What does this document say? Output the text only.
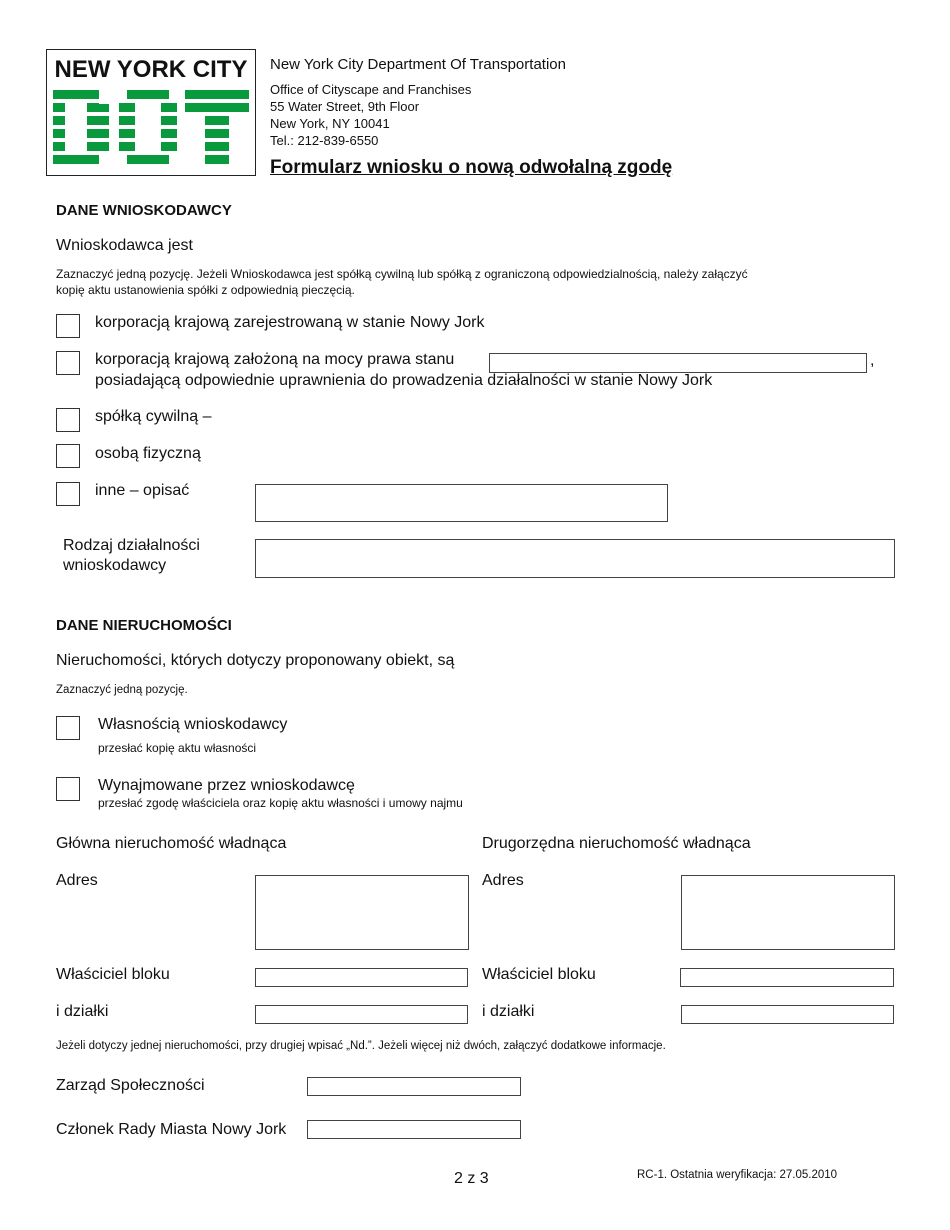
NEW YORK CITY
DOT
New York City Department Of Transportation
Office of Cityscape and Franchises
55 Water Street, 9th Floor
New York, NY 10041
Tel.: 212-839-6550
Formularz wniosku o nową odwołalną zgodę
DANE WNIOSKODAWCY
Wnioskodawca jest
Zaznaczyć jedną pozycję. Jeżeli Wnioskodawca jest spółką cywilną lub spółką z ograniczoną odpowiedzialnością, należy załączyć
kopię aktu ustanowienia spółki z odpowiednią pieczęcią.
korporacją krajową zarejestrowaną w stanie Nowy Jork
korporacją krajową założoną na mocy prawa stanu	,
posiadającą odpowiednie uprawnienia do prowadzenia działalności w stanie Nowy Jork
spółką cywilną –
osobą fizyczną
inne – opisać
Rodzaj działalności
wnioskodawcy
DANE NIERUCHOMOŚCI
Nieruchomości, których dotyczy proponowany obiekt, są
Zaznaczyć jedną pozycję.
Własnością wnioskodawcy
przesłać kopię aktu własności
Wynajmowane przez wnioskodawcę
przesłać zgodę właściciela oraz kopię aktu własności i umowy najmu
Główna nieruchomość władnąca	Drugorzędna nieruchomość władnąca
Adres	Adres
Właściciel bloku	Właściciel bloku
i działki	i działki
Jeżeli dotyczy jednej nieruchomości, przy drugiej wpisać „Nd.”. Jeżeli więcej niż dwóch, załączyć dodatkowe informacje.
Zarząd Społeczności
Członek Rady Miasta Nowy Jork
2 z 3	RC-1. Ostatnia weryfikacja: 27.05.2010
